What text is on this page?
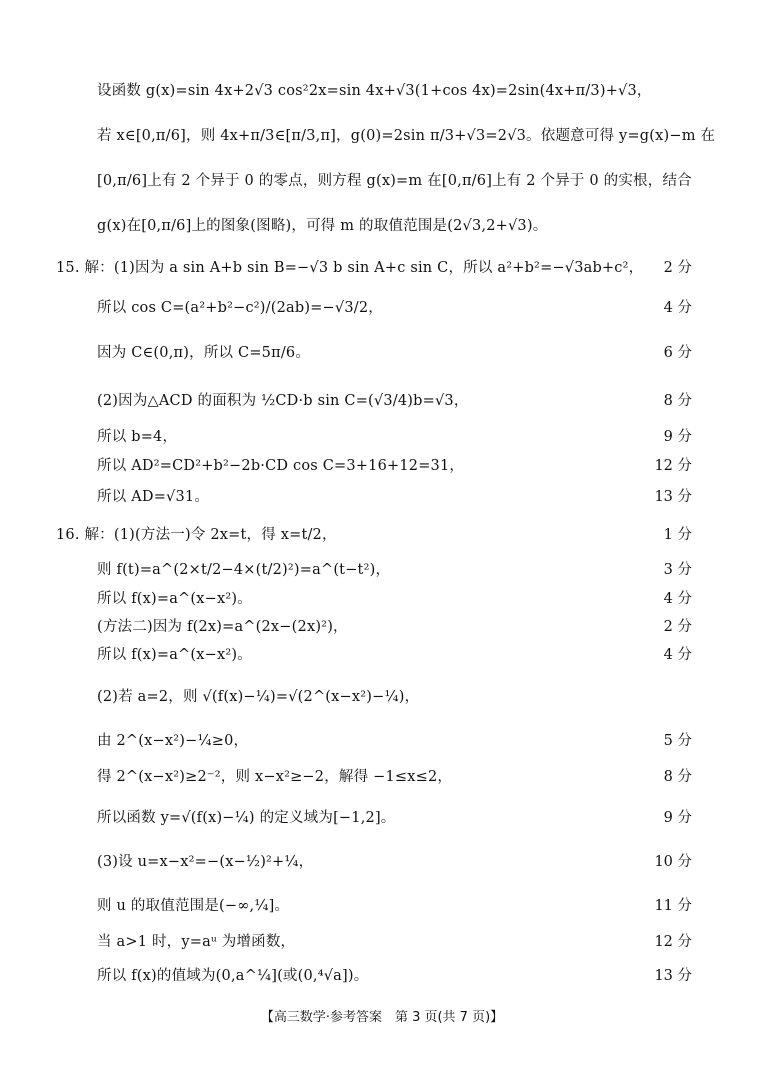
设函数 g(x)=sin 4x+2√3 cos²2x=sin 4x+√3(1+cos 4x)=2sin(4x+π/3)+√3，
若 x∈[0,π/6]，则 4x+π/3∈[π/3,π]，g(0)=2sin π/3+√3=2√3。依题意可得 y=g(x)−m 在
[0,π/6]上有 2 个异于 0 的零点，则方程 g(x)=m 在[0,π/6]上有 2 个异于 0 的实根，结合
g(x)在[0,π/6]上的图象(图略)，可得 m 的取值范围是(2√3,2+√3)。
15. 解：(1)因为 a sin A+b sin B=−√3 b sin A+c sin C，所以 a²+b²=−√3ab+c²，	2 分
所以 cos C=(a²+b²−c²)/(2ab)=−√3/2，	4 分
因为 C∈(0,π)，所以 C=5π/6。	6 分
(2)因为△ACD 的面积为 ½CD·b sin C=(√3/4)b=√3，	8 分
所以 b=4，	9 分
所以 AD²=CD²+b²−2b·CD cos C=3+16+12=31，	12 分
所以 AD=√31。	13 分
16. 解：(1)(方法一)令 2x=t，得 x=t/2，	1 分
则 f(t)=a^(2×t/2−4×(t/2)²)=a^(t−t²)，	3 分
所以 f(x)=a^(x−x²)。	4 分
(方法二)因为 f(2x)=a^(2x−(2x)²)，	2 分
所以 f(x)=a^(x−x²)。	4 分
(2)若 a=2，则 √(f(x)−¼)=√(2^(x−x²)−¼)，
由 2^(x−x²)−¼≥0，	5 分
得 2^(x−x²)≥2⁻²，则 x−x²≥−2，解得 −1≤x≤2，	8 分
所以函数 y=√(f(x)−¼) 的定义域为[−1,2]。	9 分
(3)设 u=x−x²=−(x−½)²+¼，	10 分
则 u 的取值范围是(−∞,¼]。	11 分
当 a>1 时，y=aᵘ 为增函数，	12 分
所以 f(x)的值域为(0,a^¼](或(0,⁴√a])。	13 分
【高三数学·参考答案　第 3 页(共 7 页)】
